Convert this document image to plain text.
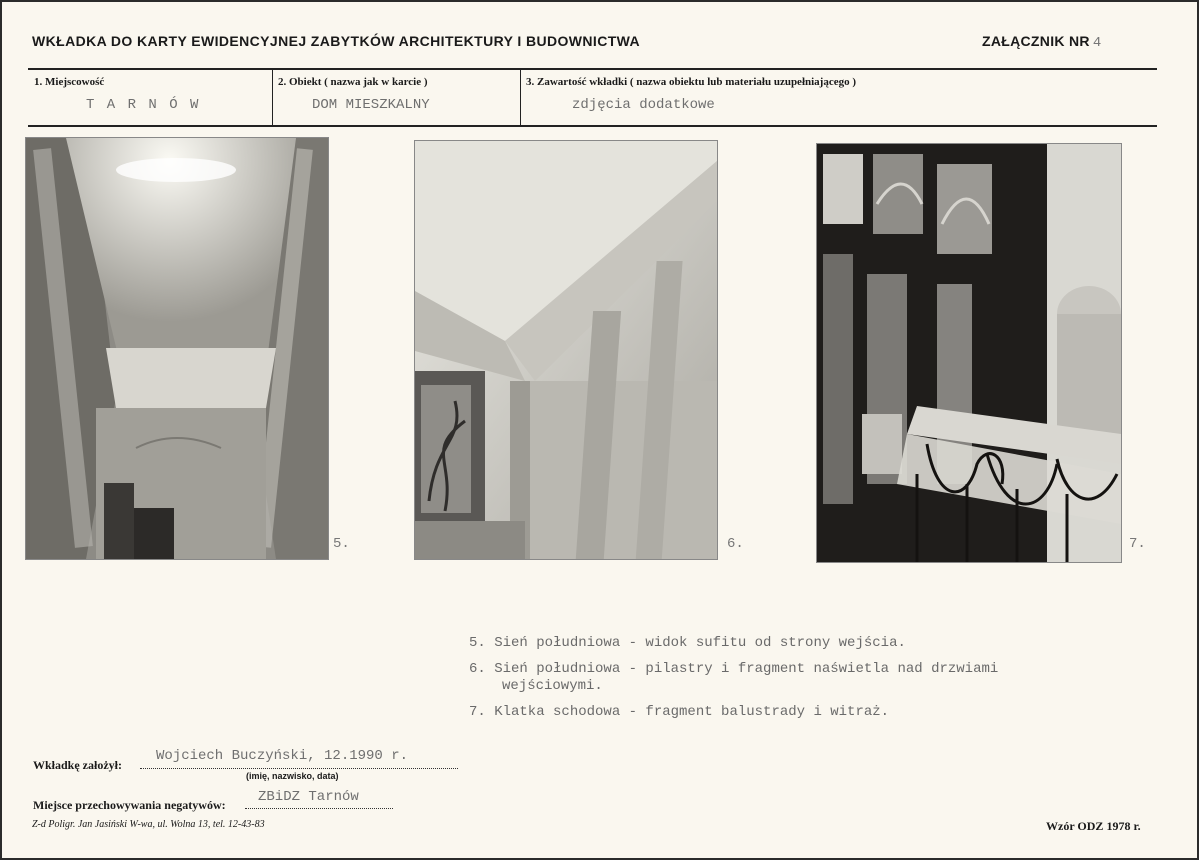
WKŁADKA DO KARTY EWIDENCYJNEJ ZABYTKÓW ARCHITEKTURY I BUDOWNICTWA	ZAŁĄCZNIK NR 4
1. Miejscowość
T A R N Ó W
2. Obiekt ( nazwa jak w karcie )
DOM MIESZKALNY
3. Zawartość wkładki ( nazwa obiektu lub materiału uzupełniającego )
zdjęcia dodatkowe
5.	6.	7.
5. Sień południowa - widok sufitu od strony wejścia.
6. Sień południowa - pilastry i fragment naświetla nad drzwiami
wejściowymi.
7. Klatka schodowa - fragment balustrady i witraż.
Wkładkę założył:
Wojciech Buczyński, 12.1990 r.
(imię, nazwisko, data)
Miejsce przechowywania negatywów: ZBiDZ Tarnów
Z-d Poligr. Jan Jasiński W-wa, ul. Wolna 13, tel. 12-43-83	Wzór ODZ 1978 r.
